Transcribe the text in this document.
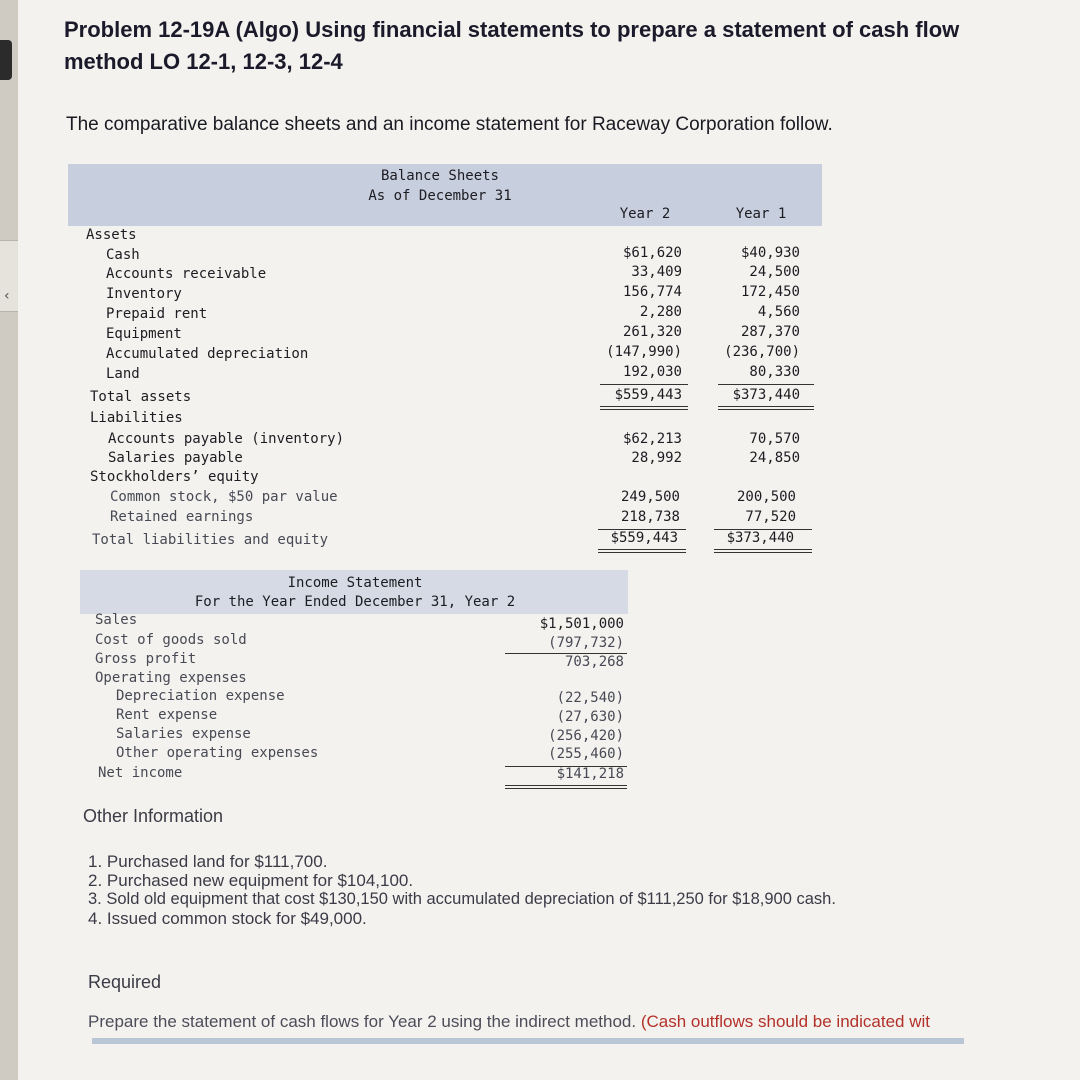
‹
Problem 12-19A (Algo) Using financial statements to prepare a statement of cash flow
method LO 12-1, 12-3, 12-4
The comparative balance sheets and an income statement for Raceway Corporation follow.
Balance Sheets
As of December 31
Year 2	Year 1
Assets
Cash	$61,620	$40,930
Accounts receivable	33,409	24,500
Inventory	156,774	172,450
Prepaid rent	2,280	4,560
Equipment	261,320	287,370
Accumulated depreciation	(147,990)	(236,700)
Land	192,030	80,330
Total assets	$559,443	$373,440
Liabilities
Accounts payable (inventory)	$62,213	70,570
Salaries payable	28,992	24,850
Stockholders’ equity
Common stock, $50 par value	249,500	200,500
Retained earnings	218,738	77,520
Total liabilities and equity	$559,443	$373,440
Income Statement
For the Year Ended December 31, Year 2
Sales	$1,501,000
Cost of goods sold	(797,732)
Gross profit	703,268
Operating expenses
Depreciation expense	(22,540)
Rent expense	(27,630)
Salaries expense	(256,420)
Other operating expenses	(255,460)
Net income	$141,218
Other Information
1. Purchased land for $111,700.
2. Purchased new equipment for $104,100.
3. Sold old equipment that cost $130,150 with accumulated depreciation of $111,250 for $18,900 cash.
4. Issued common stock for $49,000.
Required
Prepare the statement of cash flows for Year 2 using the indirect method. (Cash outflows should be indicated wit
